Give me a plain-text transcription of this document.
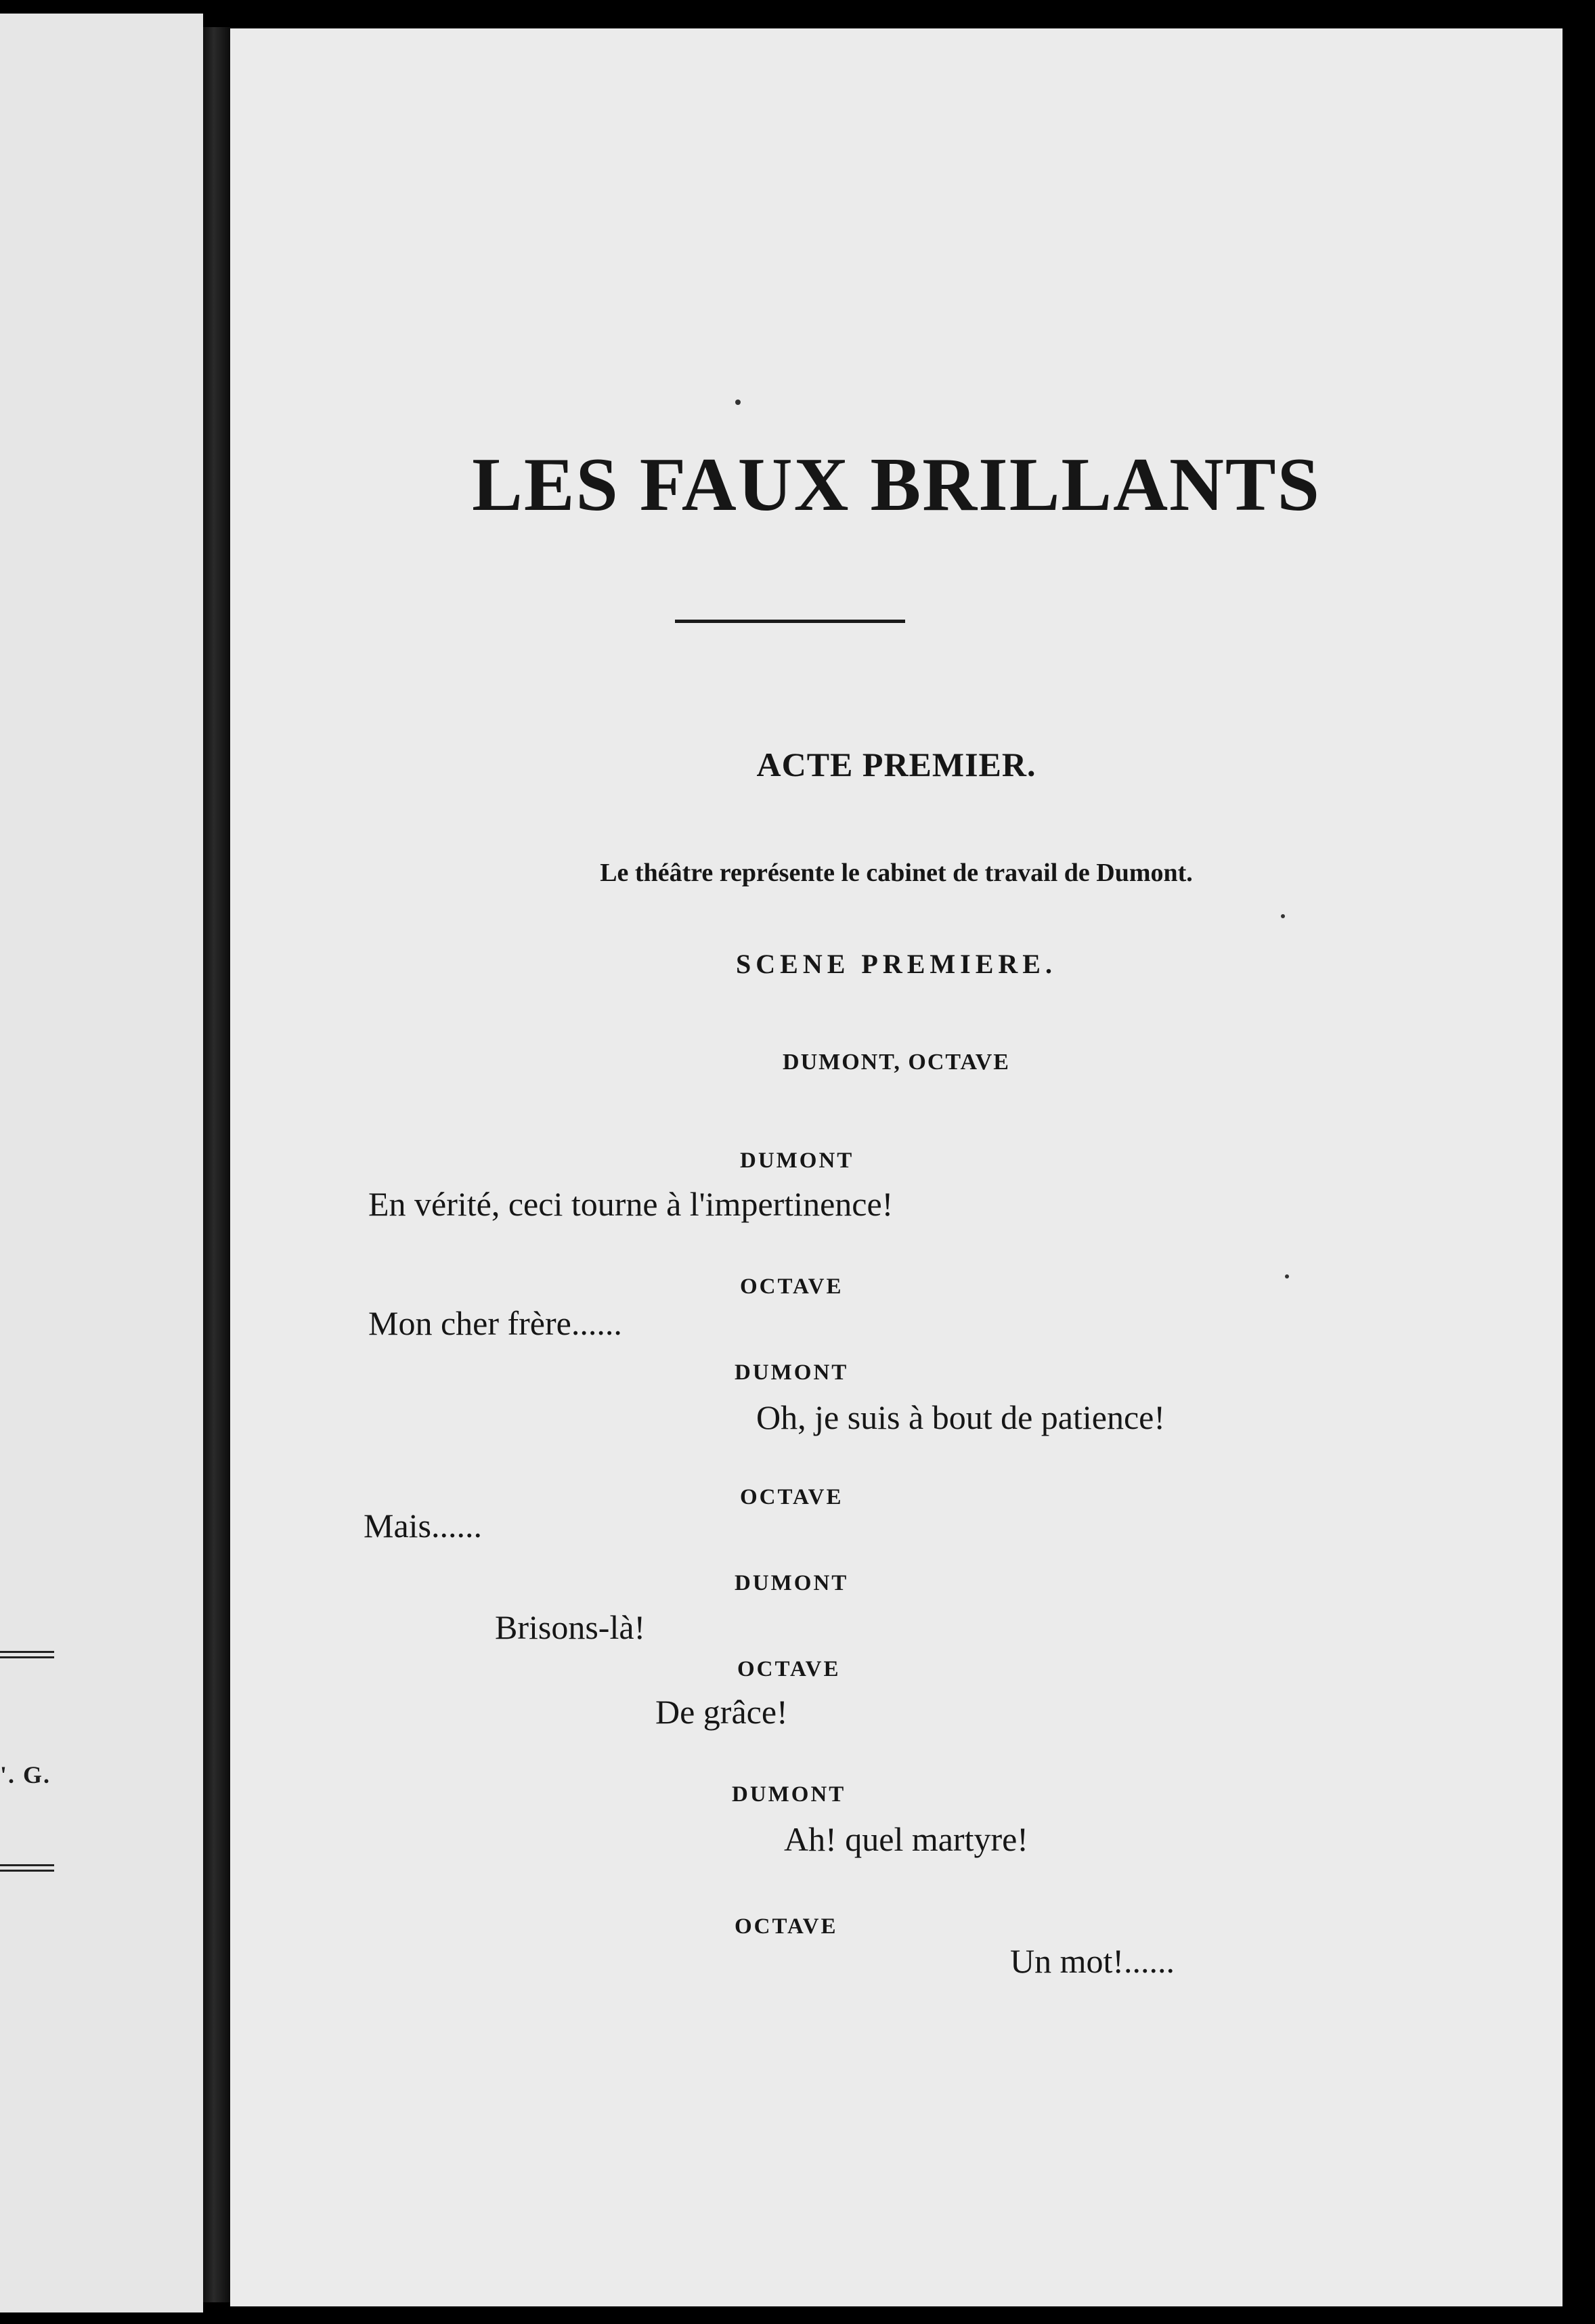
'. G.
LES FAUX BRILLANTS
ACTE PREMIER.
Le théâtre représente le cabinet de travail de Dumont.
SCENE PREMIERE.
DUMONT, OCTAVE
DUMONT
En vérité, ceci tourne à l'impertinence!
OCTAVE
Mon cher frère......
DUMONT
Oh, je suis à bout de patience!
OCTAVE
Mais......
DUMONT
Brisons-là!
OCTAVE
De grâce!
DUMONT
Ah! quel martyre!
OCTAVE
Un mot!......
